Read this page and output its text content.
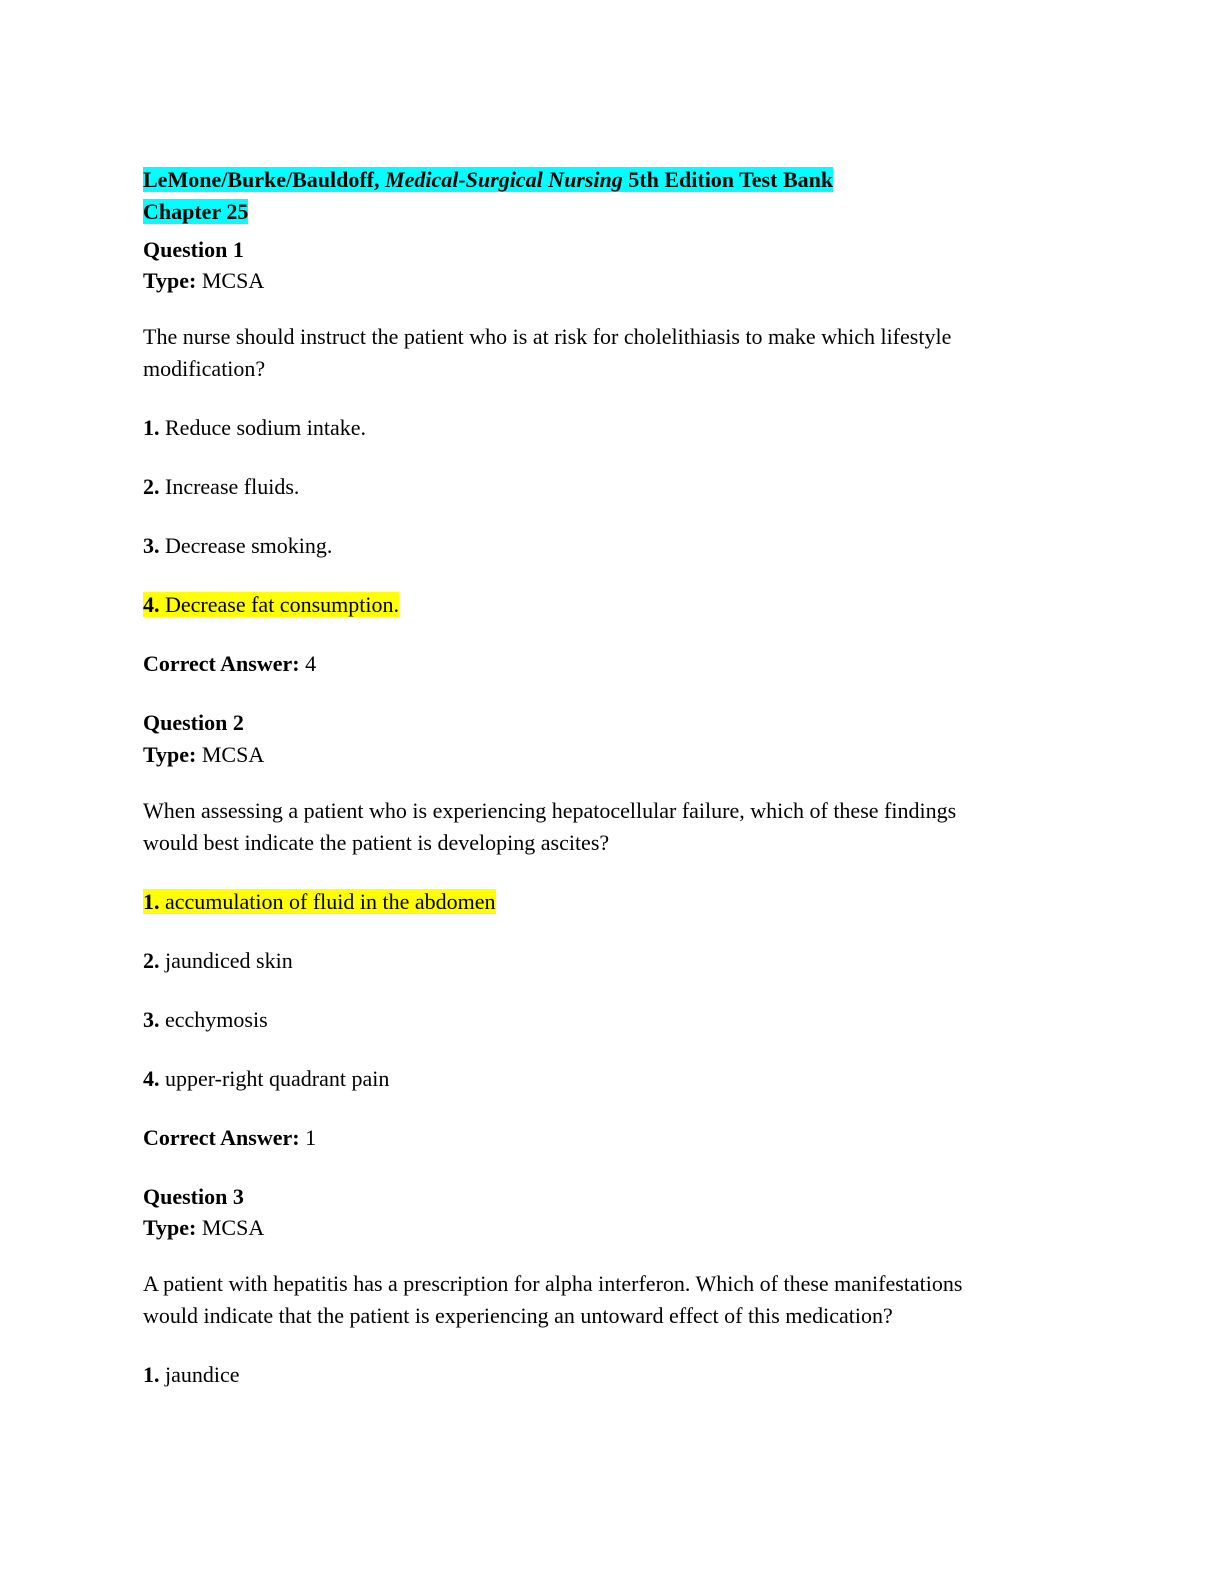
LeMone/Burke/Bauldoff, Medical-Surgical Nursing 5th Edition Test Bank
Chapter 25
Question 1
Type: MCSA
The nurse should instruct the patient who is at risk for cholelithiasis to make which lifestyle
modification?
1. Reduce sodium intake.
2. Increase fluids.
3. Decrease smoking.
4. Decrease fat consumption.
Correct Answer: 4
Question 2
Type: MCSA
When assessing a patient who is experiencing hepatocellular failure, which of these findings
would best indicate the patient is developing ascites?
1. accumulation of fluid in the abdomen
2. jaundiced skin
3. ecchymosis
4. upper-right quadrant pain
Correct Answer: 1
Question 3
Type: MCSA
A patient with hepatitis has a prescription for alpha interferon. Which of these manifestations
would indicate that the patient is experiencing an untoward effect of this medication?
1. jaundice
